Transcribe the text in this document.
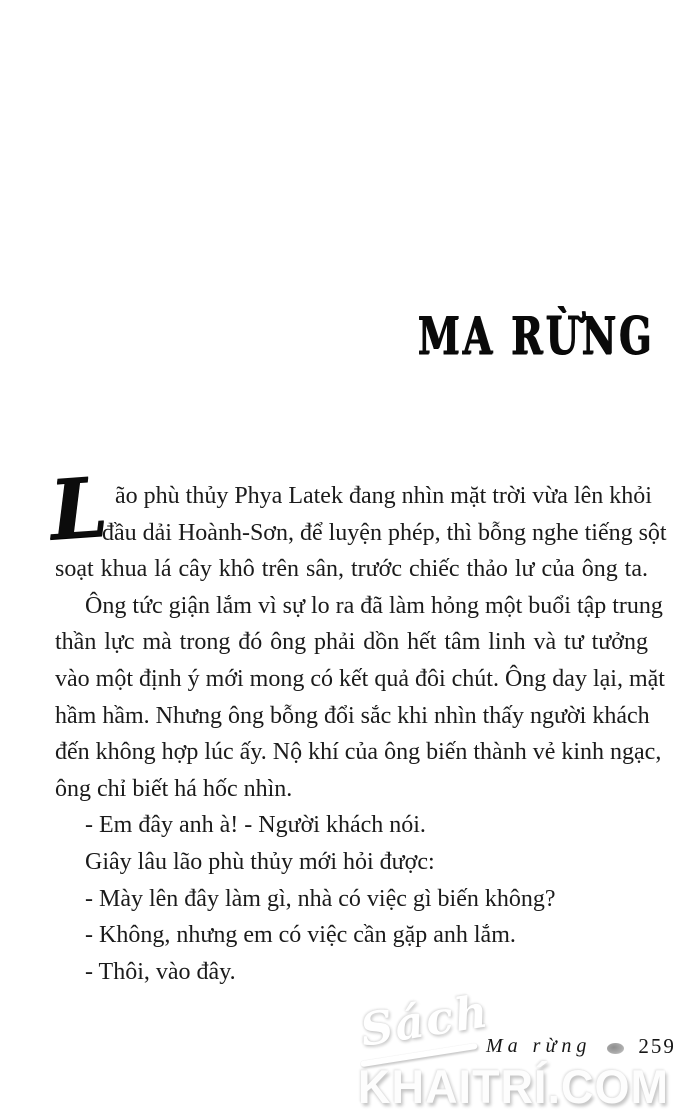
MA RỪNG
L ão phù thủy Phya Latek đang nhìn mặt trời vừa lên khỏi
đầu dải Hoành-Sơn, để luyện phép, thì bỗng nghe tiếng sột
soạt khua lá cây khô trên sân, trước chiếc thảo lư của ông ta.
Ông tức giận lắm vì sự lo ra đã làm hỏng một buổi tập trung
thần lực mà trong đó ông phải dồn hết tâm linh và tư tưởng
vào một định ý mới mong có kết quả đôi chút. Ông day lại, mặt
hầm hầm. Nhưng ông bỗng đổi sắc khi nhìn thấy người khách
đến không hợp lúc ấy. Nộ khí của ông biến thành vẻ kinh ngạc,
ông chỉ biết há hốc nhìn.
- Em đây anh à! - Người khách nói.
Giây lâu lão phù thủy mới hỏi được:
- Mày lên đây làm gì, nhà có việc gì biến không?
- Không, nhưng em có việc cần gặp anh lắm.
- Thôi, vào đây.
Sách
KHAITRÍ.COM
Ma rừng 259
